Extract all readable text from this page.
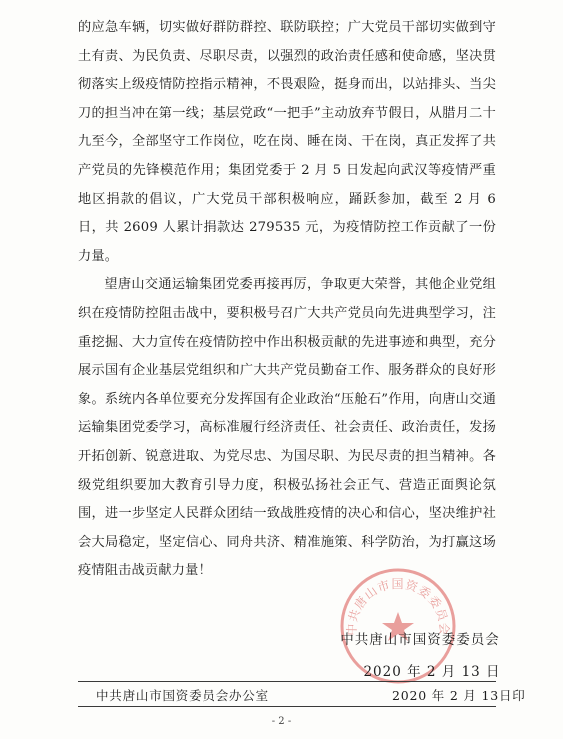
的应急车辆，切实做好群防群控、联防联控；广大党员干部切实做到守土有责、为民负责、尽职尽责，以强烈的政治责任感和使命感，坚决贯彻落实上级疫情防控指示精神，不畏艰险，挺身而出，以站排头、当尖刀的担当冲在第一线；基层党政“一把手”主动放弃节假日，从腊月二十九至今，全部坚守工作岗位，吃在岗、睡在岗、干在岗，真正发挥了共产党员的先锋模范作用；集团党委于 2 月 5 日发起向武汉等疫情严重地区捐款的倡议，广大党员干部积极响应，踊跃参加，截至 2 月 6 日，共 2609 人累计捐款达 279535 元，为疫情防控工作贡献了一份力量。

望唐山交通运输集团党委再接再厉，争取更大荣誉，其他企业党组织在疫情防控阻击战中，要积极号召广大共产党员向先进典型学习，注重挖掘、大力宣传在疫情防控中作出积极贡献的先进事迹和典型，充分展示国有企业基层党组织和广大共产党员勤奋工作、服务群众的良好形象。系统内各单位要充分发挥国有企业政治“压舱石”作用，向唐山交通运输集团党委学习，高标准履行经济责任、社会责任、政治责任，发扬开拓创新、锐意进取、为党尽忠、为国尽职、为民尽责的担当精神。各级党组织要加大教育引导力度，积极弘扬社会正气、营造正面舆论氛围，进一步坚定人民群众团结一致战胜疫情的决心和信心，坚决维护社会大局稳定，坚定信心、同舟共济、精准施策、科学防治，为打赢这场疫情阻击战贡献力量！

中共唐山市国资委委员会
中共唐山市国资委委员会
2020 年 2 月 13 日
中共唐山市国资委员会办公室	2020 年 2 月 13日印
- 2 -
